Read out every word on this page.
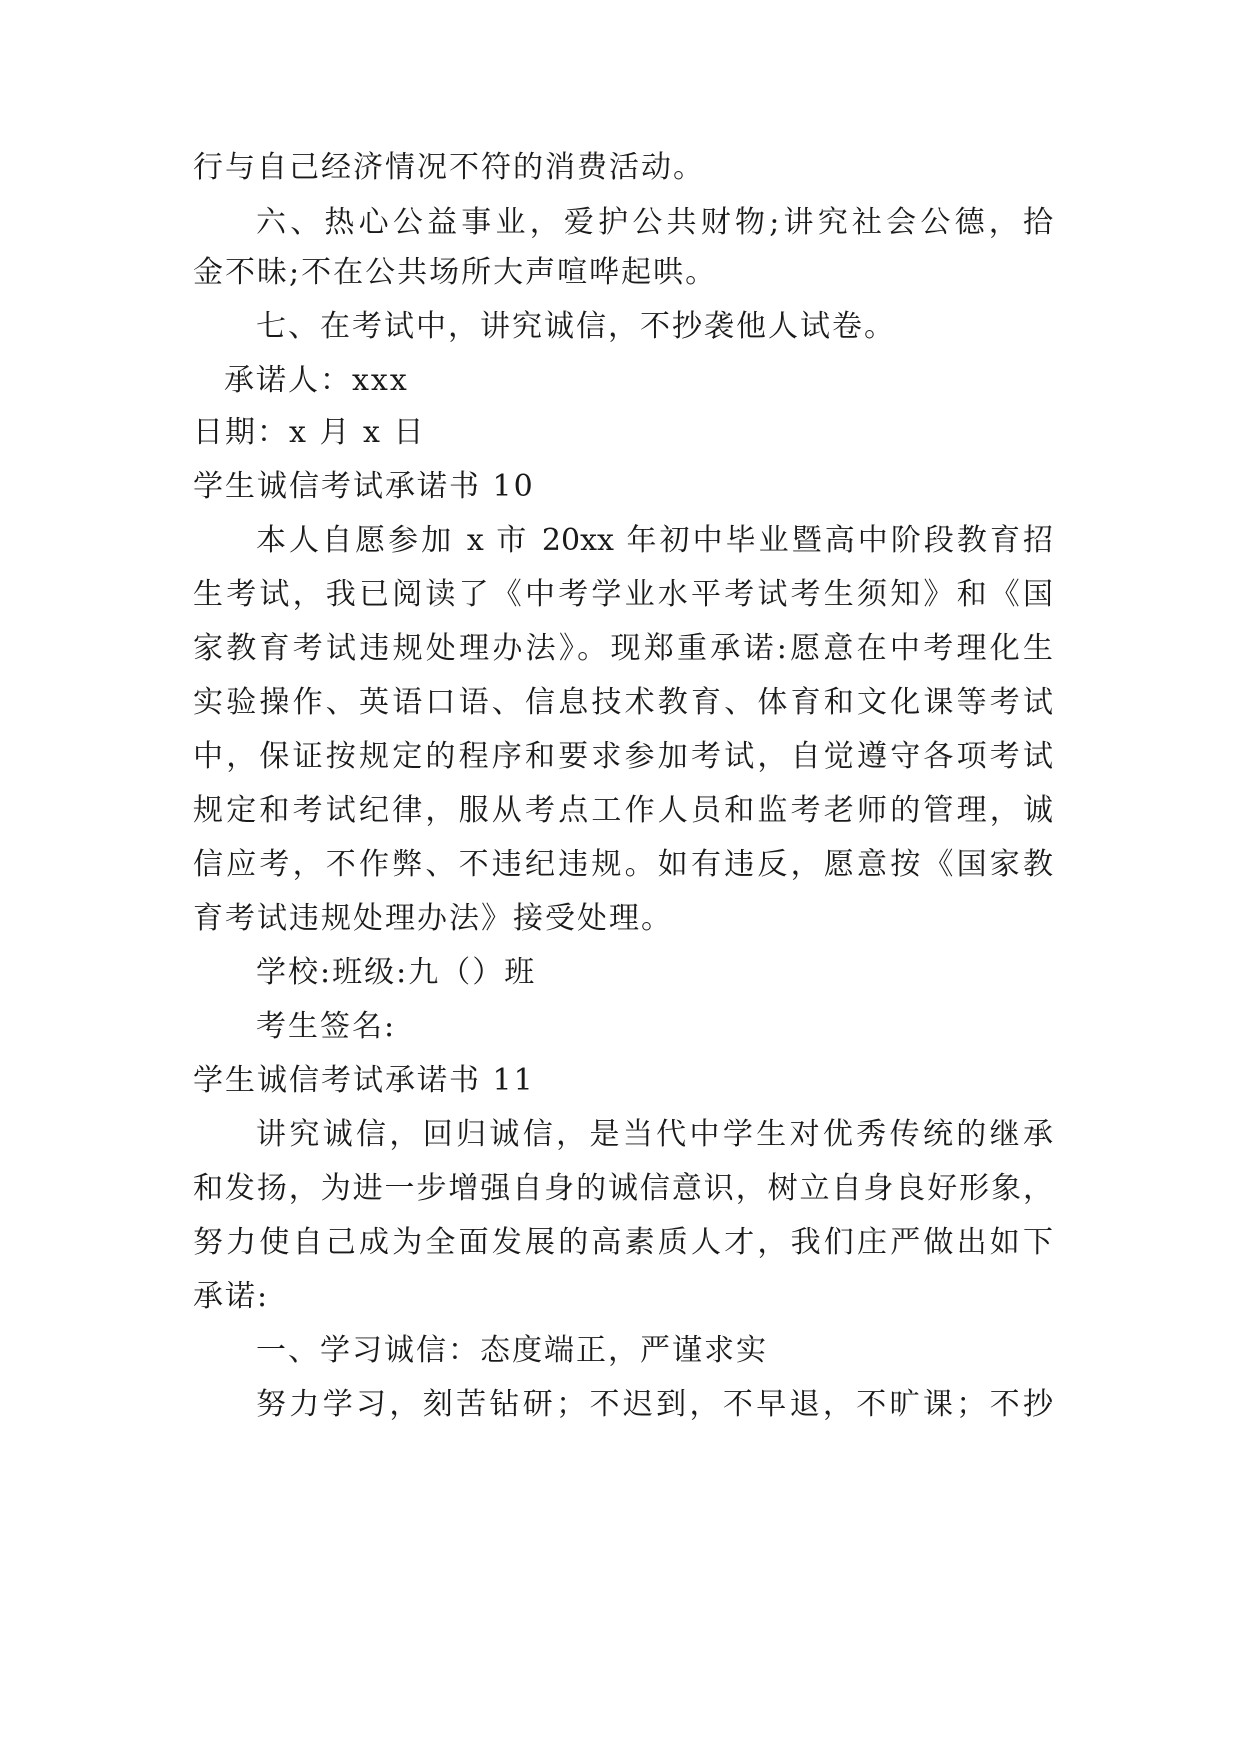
行与自己经济情况不符的消费活动。
六、热心公益事业，爱护公共财物;讲究社会公德，拾
金不昧;不在公共场所大声喧哗起哄。
七、在考试中，讲究诚信，不抄袭他人试卷。
承诺人：xxx
日期：x 月 x 日
学生诚信考试承诺书 10
本人自愿参加 x 市 20xx 年初中毕业暨高中阶段教育招
生考试，我已阅读了《中考学业水平考试考生须知》和《国
家教育考试违规处理办法》。现郑重承诺:愿意在中考理化生
实验操作、英语口语、信息技术教育、体育和文化课等考试
中，保证按规定的程序和要求参加考试，自觉遵守各项考试
规定和考试纪律，服从考点工作人员和监考老师的管理，诚
信应考，不作弊、不违纪违规。如有违反，愿意按《国家教
育考试违规处理办法》接受处理。
学校:班级:九（）班
考生签名:
学生诚信考试承诺书 11
讲究诚信，回归诚信，是当代中学生对优秀传统的继承
和发扬，为进一步增强自身的诚信意识，树立自身良好形象，
努力使自己成为全面发展的高素质人才，我们庄严做出如下
承诺:
一、学习诚信：态度端正，严谨求实
努力学习，刻苦钻研；不迟到，不早退，不旷课；不抄
